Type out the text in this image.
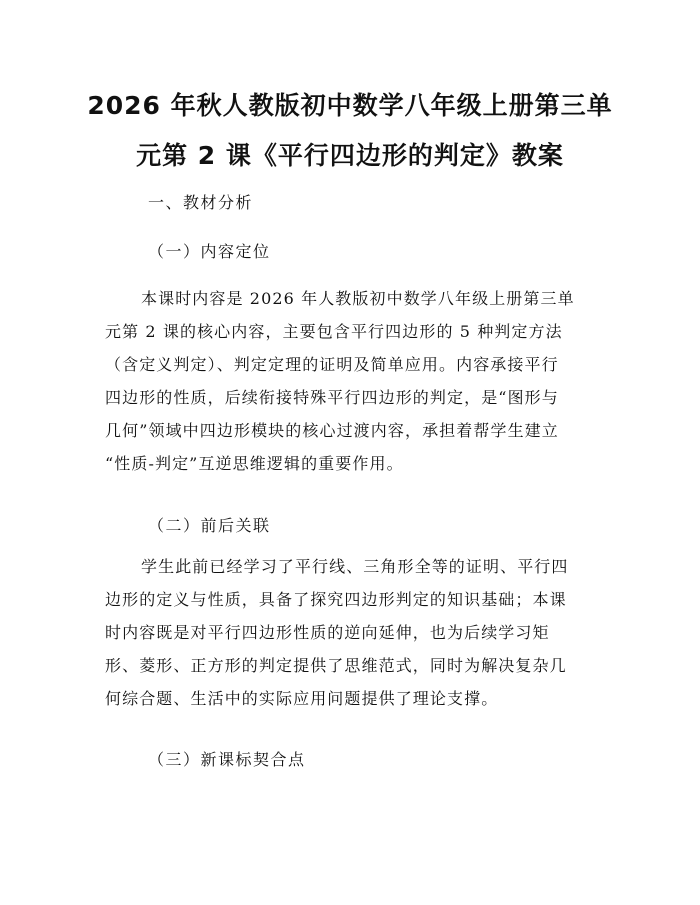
2026 年秋人教版初中数学八年级上册第三单
元第 2 课《平行四边形的判定》教案

一、教材分析

（一）内容定位

本课时内容是 2026 年人教版初中数学八年级上册第三单
元第 2 课的核心内容，主要包含平行四边形的 5 种判定方法
（含定义判定）、判定定理的证明及简单应用。内容承接平行
四边形的性质，后续衔接特殊平行四边形的判定，是“图形与
几何”领域中四边形模块的核心过渡内容，承担着帮学生建立
“性质-判定”互逆思维逻辑的重要作用。

（二）前后关联

学生此前已经学习了平行线、三角形全等的证明、平行四
边形的定义与性质，具备了探究四边形判定的知识基础；本课
时内容既是对平行四边形性质的逆向延伸，也为后续学习矩
形、菱形、正方形的判定提供了思维范式，同时为解决复杂几
何综合题、生活中的实际应用问题提供了理论支撑。

（三）新课标契合点
